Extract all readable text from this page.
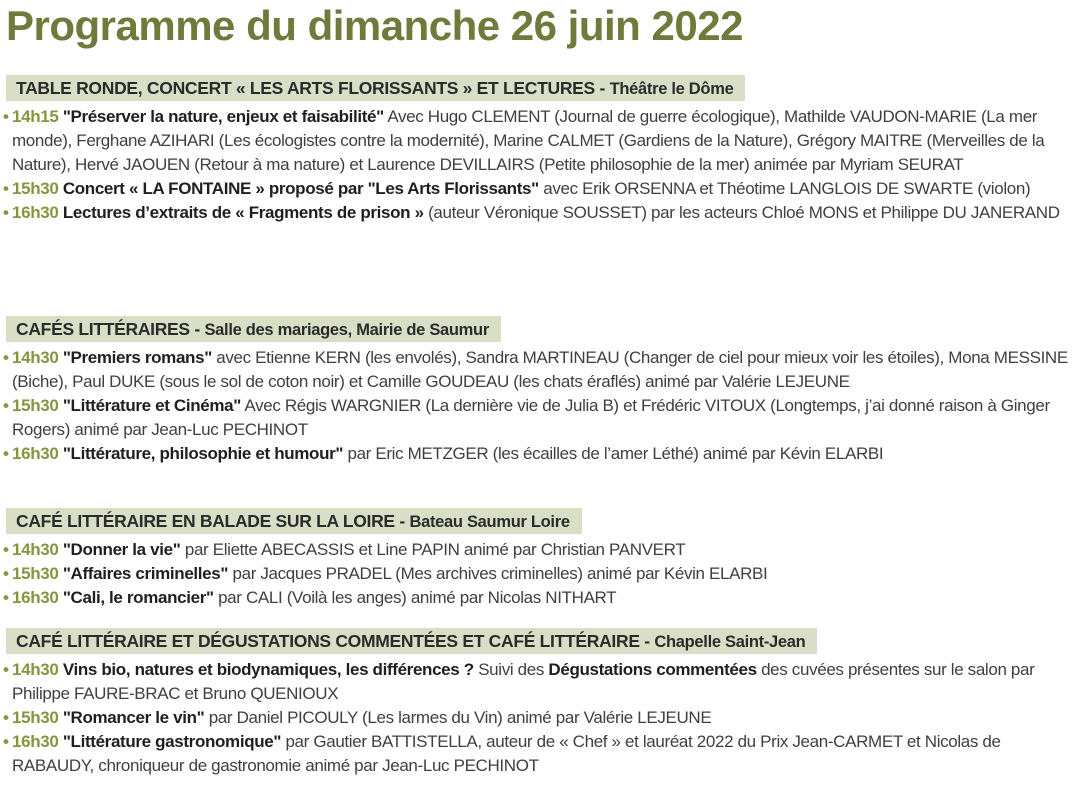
Programme du dimanche 26 juin 2022
TABLE RONDE, CONCERT « LES ARTS FLORISSANTS » ET LECTURES - Théâtre le Dôme
• 14h15 "Préserver la nature, enjeux et faisabilité" Avec Hugo CLEMENT (Journal de guerre écologique), Mathilde VAUDON-MARIE (La mer monde), Ferghane AZIHARI (Les écologistes contre la modernité), Marine CALMET (Gardiens de la Nature), Grégory MAITRE (Merveilles de la Nature), Hervé JAOUEN (Retour à ma nature) et Laurence DEVILLAIRS (Petite philosophie de la mer) animée par Myriam SEURAT
• 15h30 Concert « LA FONTAINE » proposé par "Les Arts Florissants" avec Erik ORSENNA et Théotime LANGLOIS DE SWARTE (violon)
• 16h30 Lectures d’extraits de « Fragments de prison » (auteur Véronique SOUSSET) par les acteurs Chloé MONS et Philippe DU JANERAND
CAFÉS LITTÉRAIRES - Salle des mariages, Mairie de Saumur
• 14h30 "Premiers romans" avec Etienne KERN (les envolés), Sandra MARTINEAU (Changer de ciel pour mieux voir les étoiles), Mona MESSINE (Biche), Paul DUKE (sous le sol de coton noir) et Camille GOUDEAU (les chats éraflés) animé par Valérie LEJEUNE
• 15h30 "Littérature et Cinéma" Avec Régis WARGNIER (La dernière vie de Julia B) et Frédéric VITOUX (Longtemps, j’ai donné raison à Ginger Rogers) animé par Jean-Luc PECHINOT
• 16h30 "Littérature, philosophie et humour" par Eric METZGER (les écailles de l’amer Léthé) animé par Kévin ELARBI
CAFÉ LITTÉRAIRE EN BALADE SUR LA LOIRE - Bateau Saumur Loire
• 14h30 "Donner la vie" par Eliette ABECASSIS et Line PAPIN animé par Christian PANVERT
• 15h30 "Affaires criminelles" par Jacques PRADEL (Mes archives criminelles) animé par Kévin ELARBI
• 16h30 "Cali, le romancier" par CALI (Voilà les anges) animé par Nicolas NITHART
CAFÉ LITTÉRAIRE ET DÉGUSTATIONS COMMENTÉES ET CAFÉ LITTÉRAIRE - Chapelle Saint-Jean
• 14h30 Vins bio, natures et biodynamiques, les différences ? Suivi des Dégustations commentées des cuvées présentes sur le salon par Philippe FAURE-BRAC et Bruno QUENIOUX
• 15h30 "Romancer le vin" par Daniel PICOULY (Les larmes du Vin) animé par Valérie LEJEUNE
• 16h30 "Littérature gastronomique" par Gautier BATTISTELLA, auteur de « Chef » et lauréat 2022 du Prix Jean-CARMET et Nicolas de RABAUDY, chroniqueur de gastronomie animé par Jean-Luc PECHINOT
